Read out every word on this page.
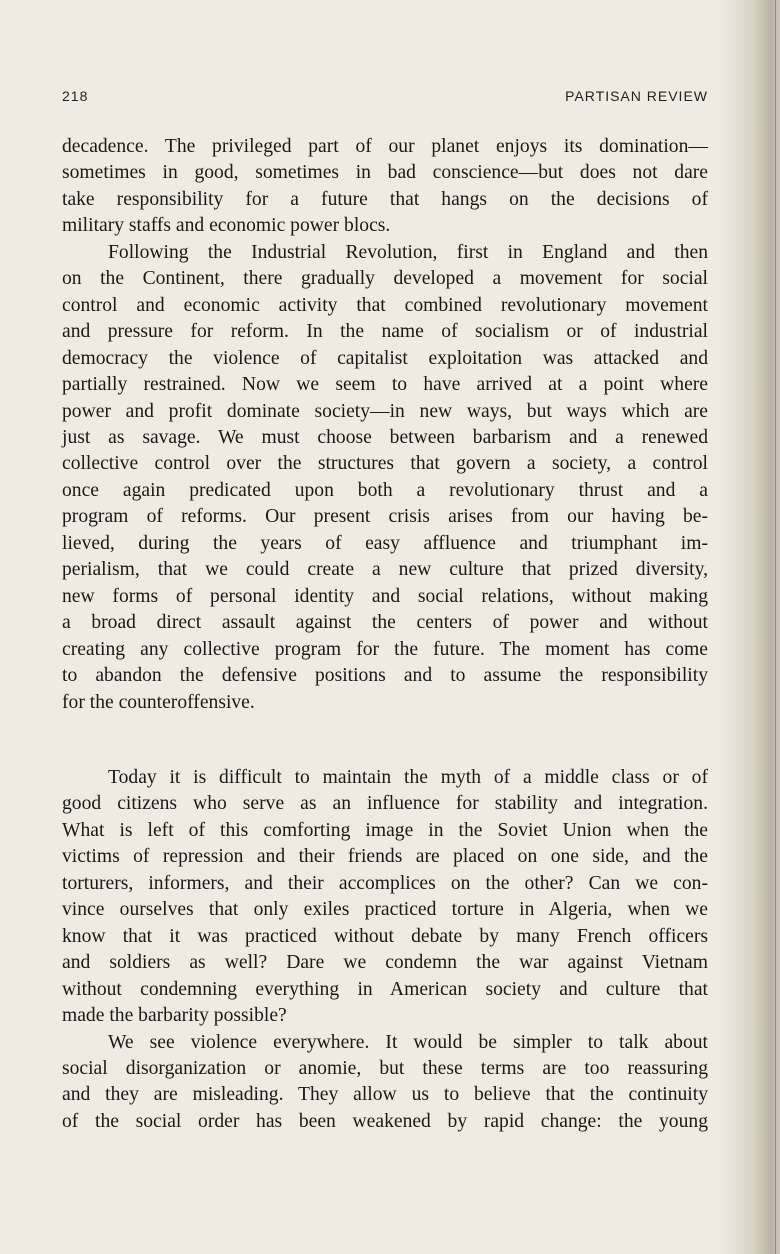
218	PARTISAN REVIEW

decadence. The privileged part of our planet enjoys its domination—

sometimes in good, sometimes in bad conscience—but does not dare

take responsibility for a future that hangs on the decisions of

military staffs and economic power blocs.

Following the Industrial Revolution, first in England and then

on the Continent, there gradually developed a movement for social

control and economic activity that combined revolutionary movement

and pressure for reform. In the name of socialism or of industrial

democracy the violence of capitalist exploitation was attacked and

partially restrained. Now we seem to have arrived at a point where

power and profit dominate society—in new ways, but ways which are

just as savage. We must choose between barbarism and a renewed

collective control over the structures that govern a society, a control

once again predicated upon both a revolutionary thrust and a

program of reforms. Our present crisis arises from our having be-

lieved, during the years of easy affluence and triumphant im-

perialism, that we could create a new culture that prized diversity,

new forms of personal identity and social relations, without making

a broad direct assault against the centers of power and without

creating any collective program for the future. The moment has come

to abandon the defensive positions and to assume the responsibility

for the counteroffensive.

Today it is difficult to maintain the myth of a middle class or of

good citizens who serve as an influence for stability and integration.

What is left of this comforting image in the Soviet Union when the

victims of repression and their friends are placed on one side, and the

torturers, informers, and their accomplices on the other? Can we con-

vince ourselves that only exiles practiced torture in Algeria, when we

know that it was practiced without debate by many French officers

and soldiers as well? Dare we condemn the war against Vietnam

without condemning everything in American society and culture that

made the barbarity possible?

We see violence everywhere. It would be simpler to talk about

social disorganization or anomie, but these terms are too reassuring

and they are misleading. They allow us to believe that the continuity

of the social order has been weakened by rapid change: the young
